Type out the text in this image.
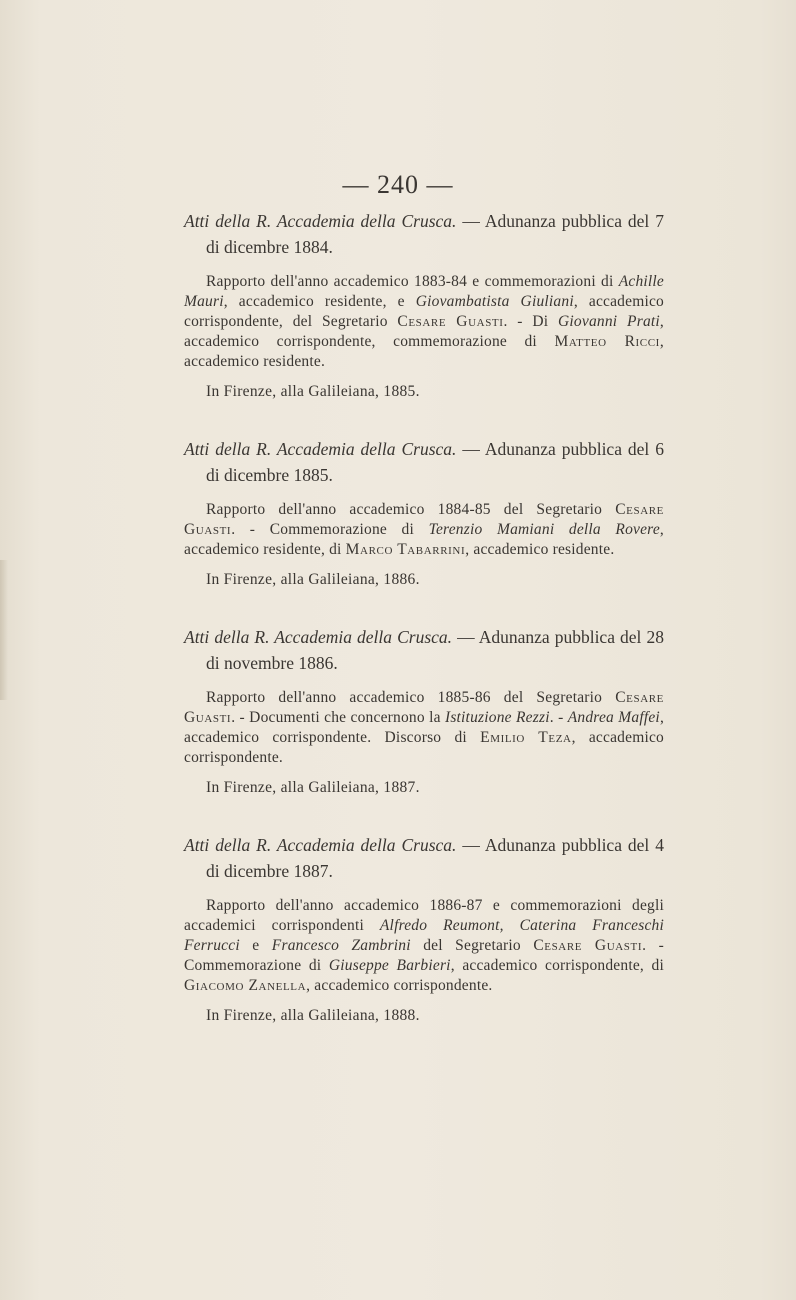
— 240 —

Atti della R. Accademia della Crusca. — Adunanza pubblica del 7 di dicembre 1884.

Rapporto dell'anno accademico 1883-84 e commemorazioni di Achille Mauri, accademico residente, e Giovambatista Giuliani, accademico corrispondente, del Segretario Cesare Guasti. - Di Giovanni Prati, accademico corrispondente, commemorazione di Matteo Ricci, accademico residente.

In Firenze, alla Galileiana, 1885.

Atti della R. Accademia della Crusca. — Adunanza pubblica del 6 di dicembre 1885.

Rapporto dell'anno accademico 1884-85 del Segretario Cesare Guasti. - Commemorazione di Terenzio Mamiani della Rovere, accademico residente, di Marco Tabarrini, accademico residente.

In Firenze, alla Galileiana, 1886.

Atti della R. Accademia della Crusca. — Adunanza pubblica del 28 di novembre 1886.

Rapporto dell'anno accademico 1885-86 del Segretario Cesare Guasti. - Documenti che concernono la Istituzione Rezzi. - Andrea Maffei, accademico corrispondente. Discorso di Emilio Teza, accademico corrispondente.

In Firenze, alla Galileiana, 1887.

Atti della R. Accademia della Crusca. — Adunanza pubblica del 4 di dicembre 1887.

Rapporto dell'anno accademico 1886-87 e commemorazioni degli accademici corrispondenti Alfredo Reumont, Caterina Franceschi Ferrucci e Francesco Zambrini del Segretario Cesare Guasti. - Commemorazione di Giuseppe Barbieri, accademico corrispondente, di Giacomo Zanella, accademico corrispondente.

In Firenze, alla Galileiana, 1888.
